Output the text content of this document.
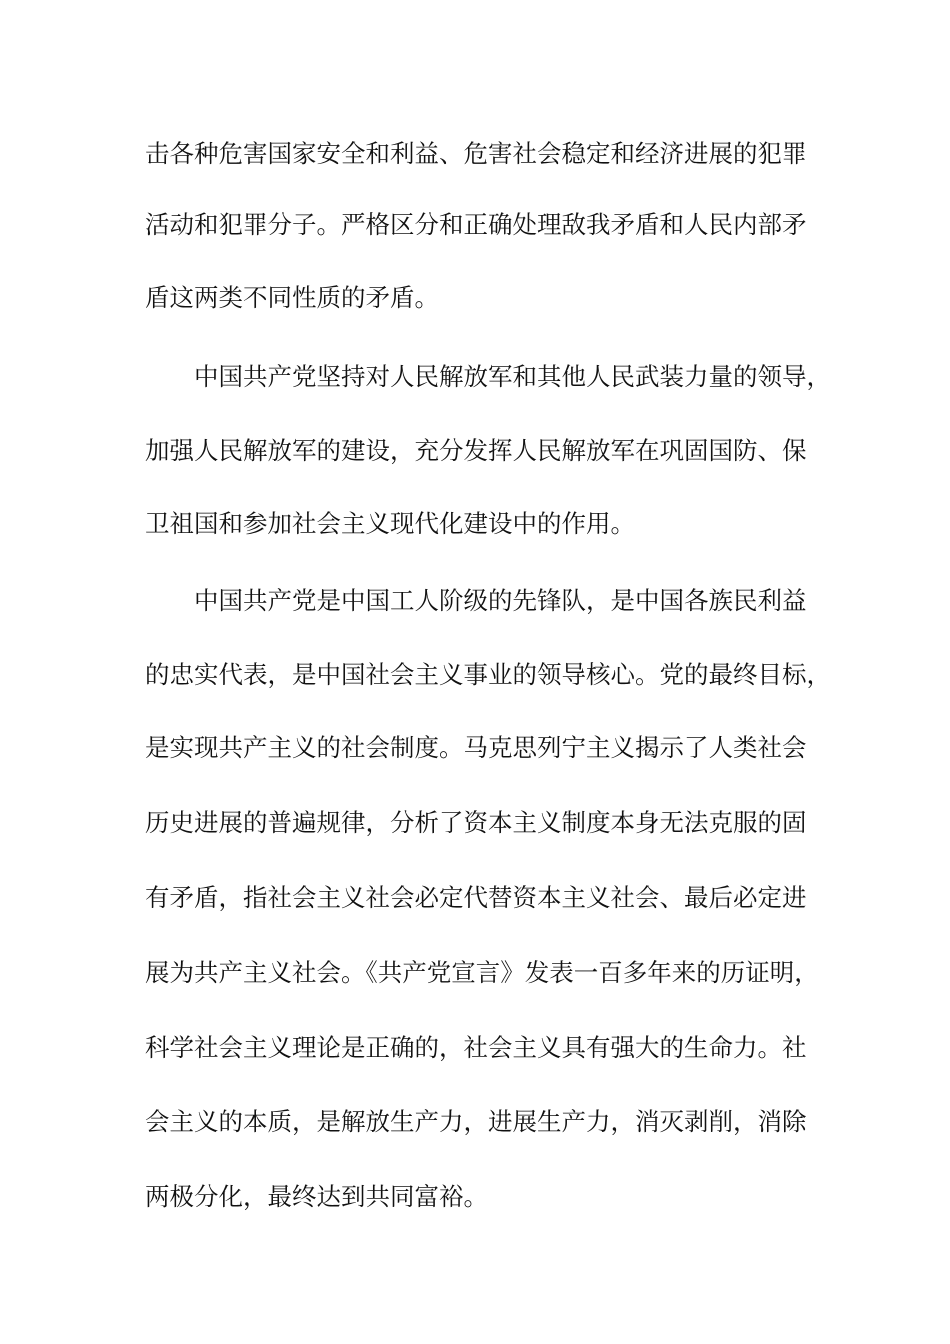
击各种危害国家安全和利益、危害社会稳定和经济进展的犯罪
活动和犯罪分子。严格区分和正确处理敌我矛盾和人民内部矛
盾这两类不同性质的矛盾。
中国共产党坚持对人民解放军和其他人民武装力量的领导，
加强人民解放军的建设，充分发挥人民解放军在巩固国防、保
卫祖国和参加社会主义现代化建设中的作用。
中国共产党是中国工人阶级的先锋队，是中国各族民利益
的忠实代表，是中国社会主义事业的领导核心。党的最终目标，
是实现共产主义的社会制度。马克思列宁主义揭示了人类社会
历史进展的普遍规律，分析了资本主义制度本身无法克服的固
有矛盾，指社会主义社会必定代替资本主义社会、最后必定进
展为共产主义社会。《共产党宣言》发表一百多年来的历证明，
科学社会主义理论是正确的，社会主义具有强大的生命力。社
会主义的本质，是解放生产力，进展生产力，消灭剥削，消除
两极分化，最终达到共同富裕。
